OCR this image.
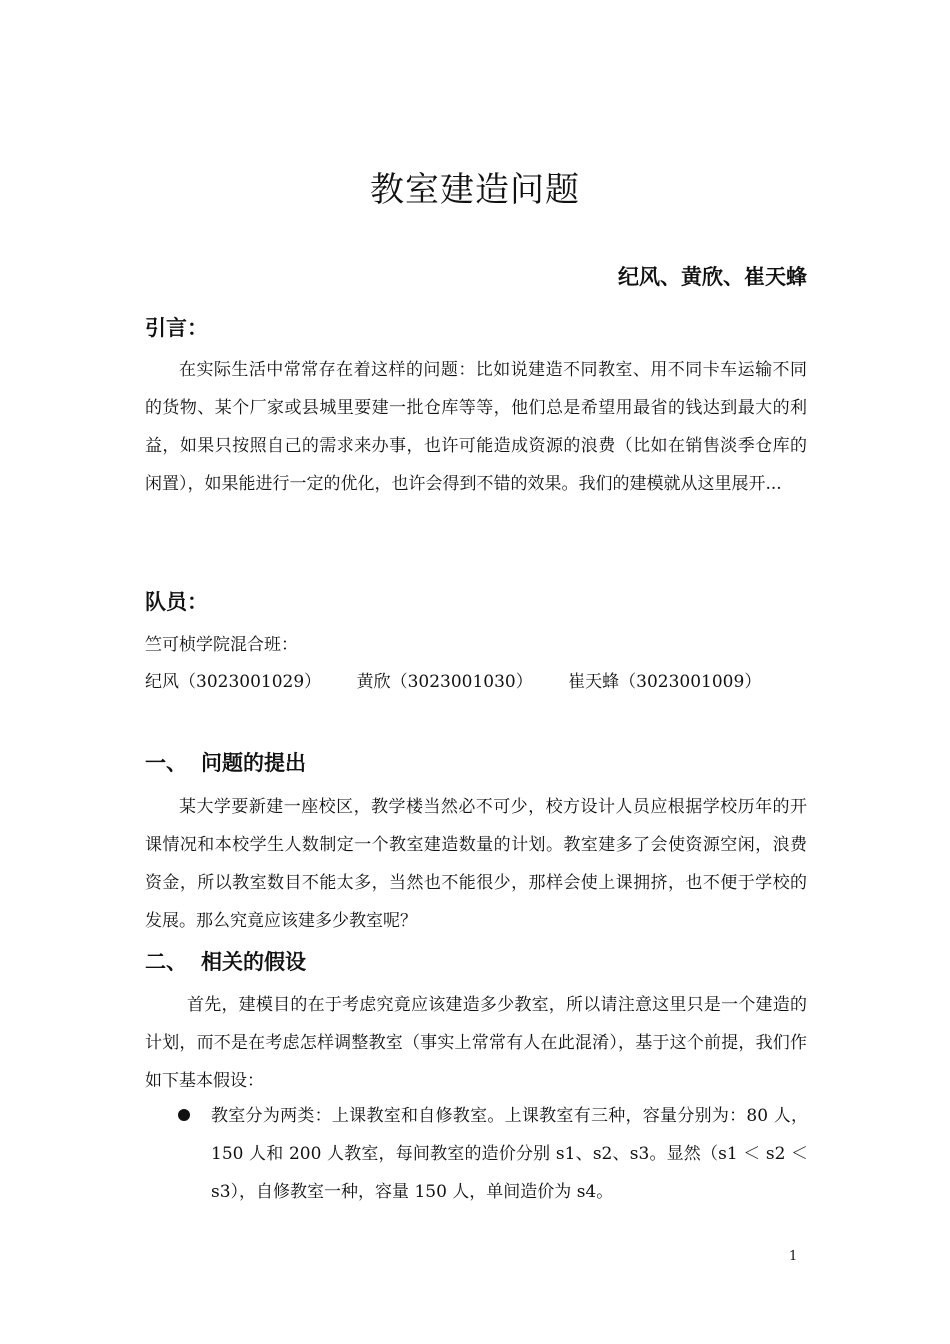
教室建造问题
纪风、黄欣、崔天蜂
引言：
在实际生活中常常存在着这样的问题：比如说建造不同教室、用不同卡车运输不同的货物、某个厂家或县城里要建一批仓库等等，他们总是希望用最省的钱达到最大的利益，如果只按照自己的需求来办事，也许可能造成资源的浪费（比如在销售淡季仓库的闲置），如果能进行一定的优化，也许会得到不错的效果。我们的建模就从这里展开...
队员：
竺可桢学院混合班：
纪风（3023001029） 黄欣（3023001030） 崔天蜂（3023001009）
一、 问题的提出
某大学要新建一座校区，教学楼当然必不可少，校方设计人员应根据学校历年的开课情况和本校学生人数制定一个教室建造数量的计划。教室建多了会使资源空闲，浪费资金，所以教室数目不能太多，当然也不能很少，那样会使上课拥挤，也不便于学校的发展。那么究竟应该建多少教室呢？
二、 相关的假设
首先，建模目的在于考虑究竟应该建造多少教室，所以请注意这里只是一个建造的计划，而不是在考虑怎样调整教室（事实上常常有人在此混淆），基于这个前提，我们作如下基本假设：
教室分为两类：上课教室和自修教室。上课教室有三种，容量分别为：80 人，150 人和 200 人教室，每间教室的造价分别 s1、s2、s3。显然（s1 ＜ s2 ＜ s3），自修教室一种，容量 150 人，单间造价为 s4。
1
